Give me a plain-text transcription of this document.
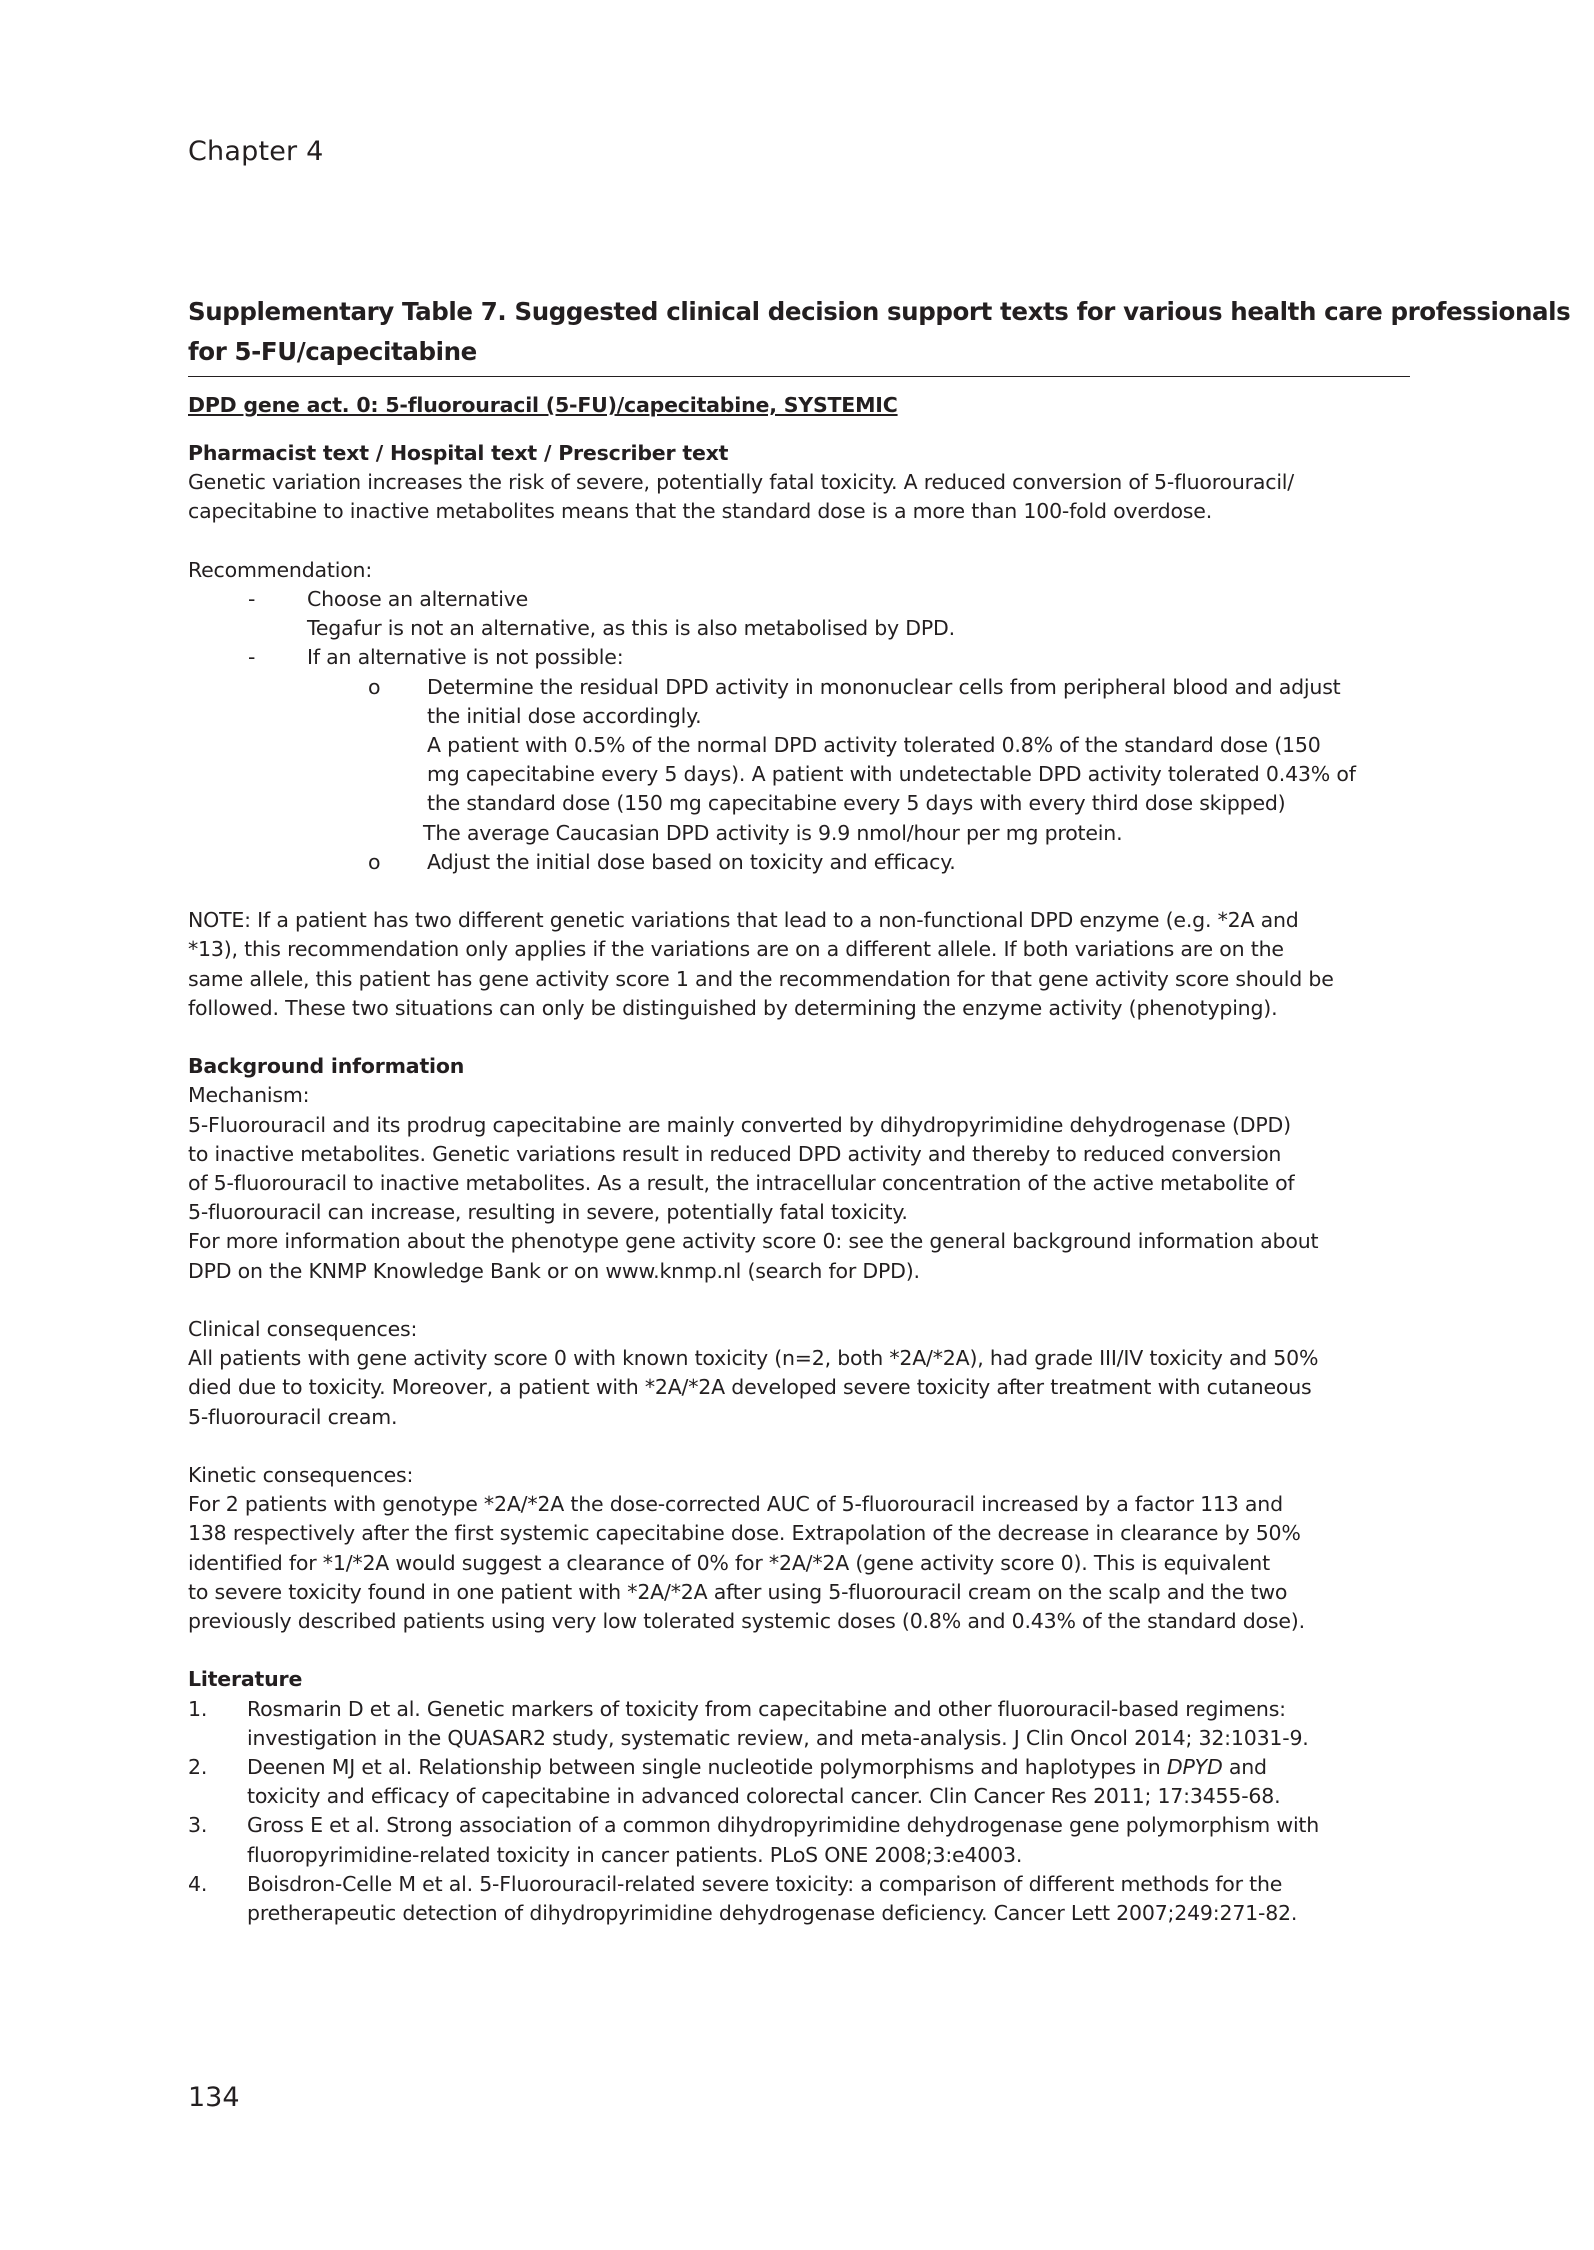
Chapter 4
Supplementary Table 7. Suggested clinical decision support texts for various health care professionals
for 5-FU/capecitabine
DPD gene act. 0: 5-fluorouracil (5-FU)/capecitabine, SYSTEMIC
Pharmacist text / Hospital text / Prescriber text
Genetic variation increases the risk of severe, potentially fatal toxicity. A reduced conversion of 5-fluorouracil/
capecitabine to inactive metabolites means that the standard dose is a more than 100-fold overdose.
Recommendation:
-	Choose an alternative
Tegafur is not an alternative, as this is also metabolised by DPD.
-	If an alternative is not possible:
o Determine the residual DPD activity in mononuclear cells from peripheral blood and adjust
the initial dose accordingly.
A patient with 0.5% of the normal DPD activity tolerated 0.8% of the standard dose (150
mg capecitabine every 5 days). A patient with undetectable DPD activity tolerated 0.43% of
the standard dose (150 mg capecitabine every 5 days with every third dose skipped)
The average Caucasian DPD activity is 9.9 nmol/hour per mg protein.
o Adjust the initial dose based on toxicity and efficacy.
NOTE: If a patient has two different genetic variations that lead to a non-functional DPD enzyme (e.g. *2A and
*13), this recommendation only applies if the variations are on a different allele. If both variations are on the
same allele, this patient has gene activity score 1 and the recommendation for that gene activity score should be
followed. These two situations can only be distinguished by determining the enzyme activity (phenotyping).
Background information
Mechanism:
5-Fluorouracil and its prodrug capecitabine are mainly converted by dihydropyrimidine dehydrogenase (DPD)
to inactive metabolites. Genetic variations result in reduced DPD activity and thereby to reduced conversion
of 5-fluorouracil to inactive metabolites. As a result, the intracellular concentration of the active metabolite of
5-fluorouracil can increase, resulting in severe, potentially fatal toxicity.
For more information about the phenotype gene activity score 0: see the general background information about
DPD on the KNMP Knowledge Bank or on www.knmp.nl (search for DPD).
Clinical consequences:
All patients with gene activity score 0 with known toxicity (n=2, both *2A/*2A), had grade III/IV toxicity and 50%
died due to toxicity. Moreover, a patient with *2A/*2A developed severe toxicity after treatment with cutaneous
5-fluorouracil cream.
Kinetic consequences:
For 2 patients with genotype *2A/*2A the dose-corrected AUC of 5-fluorouracil increased by a factor 113 and
138 respectively after the first systemic capecitabine dose. Extrapolation of the decrease in clearance by 50%
identified for *1/*2A would suggest a clearance of 0% for *2A/*2A (gene activity score 0). This is equivalent
to severe toxicity found in one patient with *2A/*2A after using 5-fluorouracil cream on the scalp and the two
previously described patients using very low tolerated systemic doses (0.8% and 0.43% of the standard dose).
Literature
1. Rosmarin D et al. Genetic markers of toxicity from capecitabine and other fluorouracil-based regimens:
investigation in the QUASAR2 study, systematic review, and meta-analysis. J Clin Oncol 2014; 32:1031-9.
2. Deenen MJ et al. Relationship between single nucleotide polymorphisms and haplotypes in DPYD and
toxicity and efficacy of capecitabine in advanced colorectal cancer. Clin Cancer Res 2011; 17:3455-68.
3. Gross E et al. Strong association of a common dihydropyrimidine dehydrogenase gene polymorphism with
fluoropyrimidine-related toxicity in cancer patients. PLoS ONE 2008;3:e4003.
4. Boisdron-Celle M et al. 5-Fluorouracil-related severe toxicity: a comparison of different methods for the
pretherapeutic detection of dihydropyrimidine dehydrogenase deficiency. Cancer Lett 2007;249:271-82.
134
